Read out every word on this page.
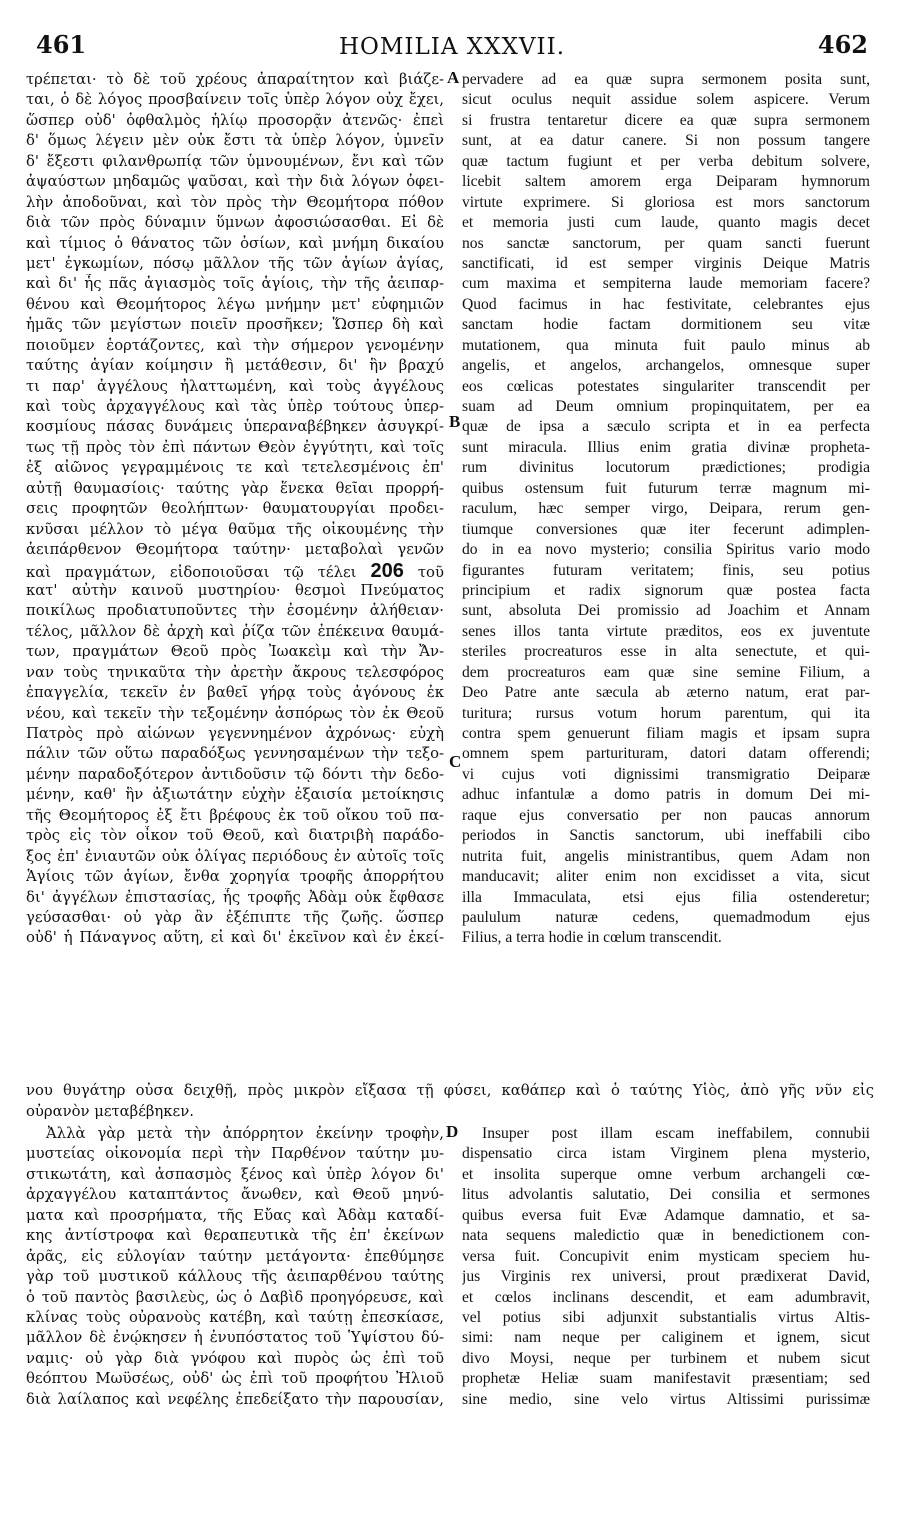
461	HOMILIA XXXVII.	462
τρέπεται· τὸ δὲ τοῦ χρέους ἀπαραίτητον καὶ βιάζε-
ται, ὁ δὲ λόγος προσβαίνειν τοῖς ὑπὲρ λόγον οὐχ ἔχει,
ὥσπερ οὐδ' ὀφθαλμὸς ἡλίῳ προσορᾷν ἀτενῶς· ἐπεὶ
δ' ὅμως λέγειν μὲν οὐκ ἔστι τὰ ὑπὲρ λόγον, ὑμνεῖν
δ' ἔξεστι φιλανθρωπίᾳ τῶν ὑμνουμένων, ἔνι καὶ τῶν
ἀψαύστων μηδαμῶς ψαῦσαι, καὶ τὴν διὰ λόγων ὀφει-
λὴν ἀποδοῦναι, καὶ τὸν πρὸς τὴν Θεομήτορα πόθον
διὰ τῶν πρὸς δύναμιν ὕμνων ἀφοσιώσασθαι. Εἰ δὲ
καὶ τίμιος ὁ θάνατος τῶν ὁσίων, καὶ μνήμη δικαίου
μετ' ἐγκωμίων, πόσῳ μᾶλλον τῆς τῶν ἁγίων ἁγίας,
καὶ δι' ἧς πᾶς ἁγιασμὸς τοῖς ἁγίοις, τὴν τῆς ἀειπαρ-
θένου καὶ Θεομήτορος λέγω μνήμην μετ' εὐφημιῶν
ἡμᾶς τῶν μεγίστων ποιεῖν προσῆκεν; Ὥσπερ δὴ καὶ
ποιοῦμεν ἑορτάζοντες, καὶ τὴν σήμερον γενομένην
ταύτης ἁγίαν κοίμησιν ἢ μετάθεσιν, δι' ἣν βραχύ
τι παρ' ἀγγέλους ἠλαττωμένη, καὶ τοὺς ἀγγέλους
καὶ τοὺς ἀρχαγγέλους καὶ τὰς ὑπὲρ τούτους ὑπερ-
κοσμίους πάσας δυνάμεις ὑπεραναβέβηκεν ἀσυγκρί-
τως τῇ πρὸς τὸν ἐπὶ πάντων Θεὸν ἐγγύτητι, καὶ τοῖς
ἐξ αἰῶνος γεγραμμένοις τε καὶ τετελεσμένοις ἐπ'
αὐτῇ θαυμασίοις· ταύτης γὰρ ἕνεκα θεῖαι προρρή-
σεις προφητῶν θεολήπτων· θαυματουργίαι προδει-
κνῦσαι μέλλον τὸ μέγα θαῦμα τῆς οἰκουμένης τὴν
ἀειπάρθενον Θεομήτορα ταύτην· μεταβολαὶ γενῶν
καὶ πραγμάτων, εἰδοποιοῦσαι τῷ τέλει 206 τοῦ
κατ' αὐτὴν καινοῦ μυστηρίου· θεσμοὶ Πνεύματος
ποικίλως προδιατυποῦντες τὴν ἐσομένην ἀλήθειαν·
τέλος, μᾶλλον δὲ ἀρχὴ καὶ ῥίζα τῶν ἐπέκεινα θαυμά-
των, πραγμάτων Θεοῦ πρὸς Ἰωακεὶμ καὶ τὴν Ἄν-
ναν τοὺς τηνικαῦτα τὴν ἀρετὴν ἄκρους τελεσφόρος
ἐπαγγελία, τεκεῖν ἐν βαθεῖ γήρᾳ τοὺς ἀγόνους ἐκ
νέου, καὶ τεκεῖν τὴν τεξομένην ἀσπόρως τὸν ἐκ Θεοῦ
Πατρὸς πρὸ αἰώνων γεγεννημένον ἀχρόνως· εὐχὴ
πάλιν τῶν οὕτω παραδόξως γεννησαμένων τὴν τεξο-
μένην παραδοξότερον ἀντιδοῦσιν τῷ δόντι τὴν δεδο-
μένην, καθ' ἣν ἀξιωτάτην εὐχὴν ἐξαισία μετοίκησις
τῆς Θεομήτορος ἐξ ἔτι βρέφους ἐκ τοῦ οἴκου τοῦ πα-
τρὸς εἰς τὸν οἶκον τοῦ Θεοῦ, καὶ διατριβὴ παράδο-
ξος ἐπ' ἐνιαυτῶν οὐκ ὀλίγας περιόδους ἐν αὐτοῖς τοῖς
Ἁγίοις τῶν ἁγίων, ἔνθα χορηγία τροφῆς ἀπορρήτου
δι' ἀγγέλων ἐπιστασίας, ἧς τροφῆς Ἀδὰμ οὐκ ἔφθασε
γεύσασθαι· οὐ γὰρ ἂν ἐξέπιπτε τῆς ζωῆς. ὥσπερ
οὐδ' ἡ Πάναγνος αὕτη, εἰ καὶ δι' ἐκεῖνον καὶ ἐν ἐκεί-
pervadere ad ea quæ supra sermonem posita sunt,
sicut oculus nequit assidue solem aspicere. Verum
si frustra tentaretur dicere ea quæ supra sermonem
sunt, at ea datur canere. Si non possum tangere
quæ tactum fugiunt et per verba debitum solvere,
licebit saltem amorem erga Deiparam hymnorum
virtute exprimere. Si gloriosa est mors sanctorum
et memoria justi cum laude, quanto magis decet
nos sanctæ sanctorum, per quam sancti fuerunt
sanctificati, id est semper virginis Deique Matris
cum maxima et sempiterna laude memoriam facere?
Quod facimus in hac festivitate, celebrantes ejus
sanctam hodie factam dormitionem seu vitæ
mutationem, qua minuta fuit paulo minus ab
angelis, et angelos, archangelos, omnesque super
eos cœlicas potestates singulariter transcendit per
suam ad Deum omnium propinquitatem, per ea
quæ de ipsa a sæculo scripta et in ea perfecta
sunt miracula. Illius enim gratia divinæ propheta-
rum divinitus locutorum prædictiones; prodigia
quibus ostensum fuit futurum terræ magnum mi-
raculum, hæc semper virgo, Deipara, rerum gen-
tiumque conversiones quæ iter fecerunt adimplen-
do in ea novo mysterio; consilia Spiritus vario modo
figurantes futuram veritatem; finis, seu potius
principium et radix signorum quæ postea facta
sunt, absoluta Dei promissio ad Joachim et Annam
senes illos tanta virtute præditos, eos ex juventute
steriles procreaturos esse in alta senectute, et qui-
dem procreaturos eam quæ sine semine Filium, a
Deo Patre ante sæcula ab æterno natum, erat par-
turitura; rursus votum horum parentum, qui ita
contra spem genuerunt filiam magis et ipsam supra
omnem spem parturituram, datori datam offerendi;
vi cujus voti dignissimi transmigratio Deiparæ
adhuc infantulæ a domo patris in domum Dei mi-
raque ejus conversatio per non paucas annorum
periodos in Sanctis sanctorum, ubi ineffabili cibo
nutrita fuit, angelis ministrantibus, quem Adam non
manducavit; aliter enim non excidisset a vita, sicut
illa Immaculata, etsi ejus filia ostenderetur;
paululum naturæ cedens, quemadmodum ejus
Filius, a terra hodie in cœlum transcendit.
A
B
C
D
νου θυγάτηρ οὖσα δειχθῇ, πρὸς μικρὸν εἴξασα τῇ φύσει, καθάπερ καὶ ὁ ταύτης Υἱὸς, ἀπὸ γῆς νῦν εἰς
οὐρανὸν μεταβέβηκεν.
Ἀλλὰ γὰρ μετὰ τὴν ἀπόρρητον ἐκείνην τροφὴν,
μυστείας οἰκονομία περὶ τὴν Παρθένον ταύτην μυ-
στικωτάτη, καὶ ἀσπασμὸς ξένος καὶ ὑπὲρ λόγον δι'
ἀρχαγγέλου καταπτάντος ἄνωθεν, καὶ Θεοῦ μηνύ-
ματα καὶ προσρήματα, τῆς Εὔας καὶ Ἀδὰμ καταδί-
κης ἀντίστροφα καὶ θεραπευτικὰ τῆς ἐπ' ἐκείνων
ἀρᾶς, εἰς εὐλογίαν ταύτην μετάγοντα· ἐπεθύμησε
γὰρ τοῦ μυστικοῦ κάλλους τῆς ἀειπαρθένου ταύτης
ὁ τοῦ παντὸς βασιλεὺς, ὡς ὁ Δαβὶδ προηγόρευσε, καὶ
κλίνας τοὺς οὐρανοὺς κατέβη, καὶ ταύτῃ ἐπεσκίασε,
μᾶλλον δὲ ἐνῴκησεν ἡ ἐνυπόστατος τοῦ Ὑψίστου δύ-
ναμις· οὐ γὰρ διὰ γνόφου καὶ πυρὸς ὡς ἐπὶ τοῦ
θεόπτου Μωϋσέως, οὐδ' ὡς ἐπὶ τοῦ προφήτου Ἠλιοῦ
διὰ λαίλαπος καὶ νεφέλης ἐπεδείξατο τὴν παρουσίαν,
Insuper post illam escam ineffabilem, connubii
dispensatio circa istam Virginem plena mysterio,
et insolita superque omne verbum archangeli cœ-
litus advolantis salutatio, Dei consilia et sermones
quibus eversa fuit Evæ Adamque damnatio, et sa-
nata sequens maledictio quæ in benedictionem con-
versa fuit. Concupivit enim mysticam speciem hu-
jus Virginis rex universi, prout prædixerat David,
et cœlos inclinans descendit, et eam adumbravit,
vel potius sibi adjunxit substantialis virtus Altis-
simi: nam neque per caliginem et ignem, sicut
divo Moysi, neque per turbinem et nubem sicut
prophetæ Heliæ suam manifestavit præsentiam; sed
sine medio, sine velo virtus Altissimi purissimæ
